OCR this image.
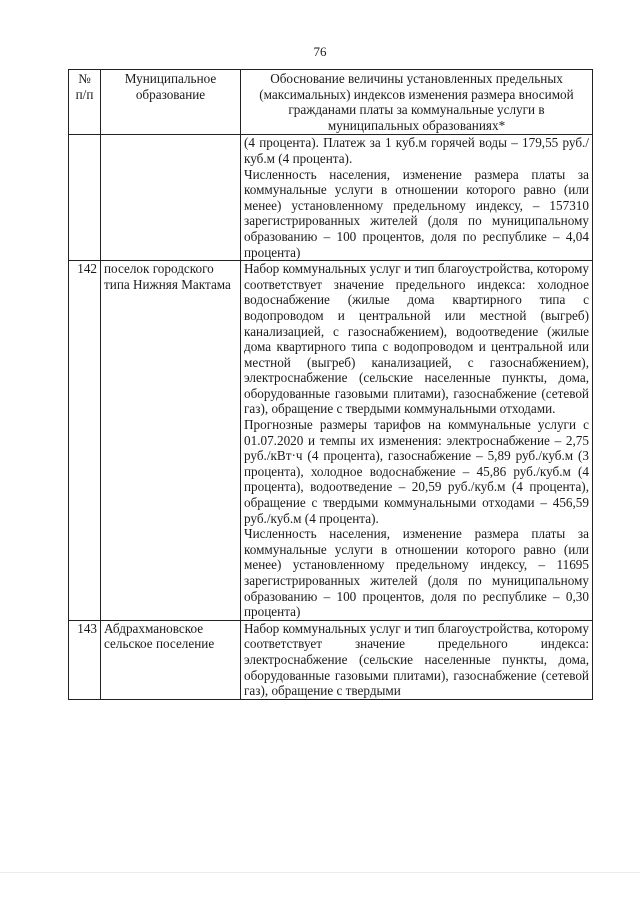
76
№ п/п	Муниципальное образование	Обоснование величины установленных предельных (максимальных) индексов изменения размера вносимой гражданами платы за коммунальные услуги в муниципальных образованиях*

		(4 процента). Платеж за 1 куб.м горячей воды – 179,55 руб./куб.м (4 процента).

Численность населения, изменение размера платы за коммунальные услуги в отношении которого равно (или менее) установленному предельному индексу, – 157310 зарегистрированных жителей (доля по муниципальному образованию – 100 процентов, доля по республике – 4,04 процента)

142	поселок городского типа Нижняя Мактама	Набор коммунальных услуг и тип благоустройства, которому соответствует значение предельного индекса: холодное водоснабжение (жилые дома квартирного типа с водопроводом и центральной или местной (выгреб) канализацией, с газоснабжением), водоотведение (жилые дома квартирного типа с водопроводом и центральной или местной (выгреб) канализацией, с газоснабжением), электроснабжение (сельские населенные пункты, дома, оборудованные газовыми плитами), газоснабжение (сетевой газ), обращение с твердыми коммунальными отходами.

Прогнозные размеры тарифов на коммунальные услуги с 01.07.2020 и темпы их изменения: электроснабжение – 2,75 руб./кВт·ч (4 процента), газоснабжение – 5,89 руб./куб.м (3 процента), холодное водоснабжение – 45,86 руб./куб.м (4 процента), водоотведение – 20,59 руб./куб.м (4 процента), обращение с твердыми коммунальными отходами – 456,59 руб./куб.м (4 процента).

Численность населения, изменение размера платы за коммунальные услуги в отношении которого равно (или менее) установленному предельному индексу, – 11695 зарегистрированных жителей (доля по муниципальному образованию – 100 процентов, доля по республике – 0,30 процента)

143	Абдрахмановское сельское поселение	Набор коммунальных услуг и тип благоустройства, которому соответствует значение предельного индекса: электроснабжение (сельские населенные пункты, дома, оборудованные газовыми плитами), газоснабжение (сетевой газ), обращение с твердыми
